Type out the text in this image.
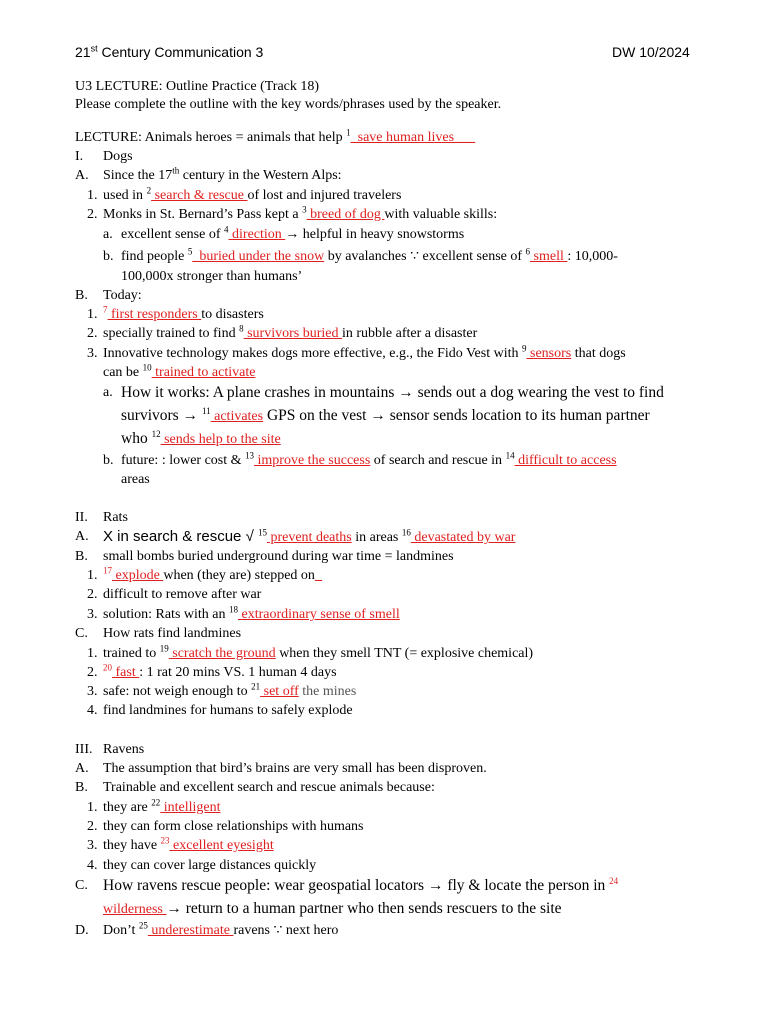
21st Century Communication 3	DW 10/2024
U3 LECTURE: Outline Practice (Track 18)
Please complete the outline with the key words/phrases used by the speaker.
LECTURE: Animals heroes = animals that help $^1$_save human lives___
I. Dogs
A. Since the 17th century in the Western Alps:
1. used in $^2$ search & rescue of lost and injured travelers
2. Monks in St. Bernard’s Pass kept a $^3$ breed of dog with valuable skills:
a. excellent sense of $^4$ direction → helpful in heavy snowstorms
b. find people $^5$_buried under the snow by avalanches ∵ excellent sense of $^6$ smell : 10,000-
100,000x stronger than humans’
B. Today:
1. $^7$ first responders to disasters
2. specially trained to find $^8$ survivors buried in rubble after a disaster
3. Innovative technology makes dogs more effective, e.g., the Fido Vest with $^9$ sensors that dogs
can be $^{10}$ trained to activate
a. How it works: A plane crashes in mountains → sends out a dog wearing the vest to find
survivors → $^{11}$ activates GPS on the vest → sensor sends location to its human partner
who $^{12}$ sends help to the site
b. future: : lower cost & $^{13}$ improve the success of search and rescue in $^{14}$ difficult to access
areas
II. Rats
A. X in search & rescue √ $^{15}$ prevent deaths in areas $^{16}$ devastated by war
B. small bombs buried underground during war time = landmines
1. $^{17}$ explode when (they are) stepped on_
2. difficult to remove after war
3. solution: Rats with an $^{18}$ extraordinary sense of smell
C. How rats find landmines
1. trained to $^{19}$ scratch the ground when they smell TNT (= explosive chemical)
2. $^{20}$ fast : 1 rat 20 mins VS. 1 human 4 days
3. safe: not weigh enough to $^{21}$ set off the mines
4. find landmines for humans to safely explode
III. Ravens
A. The assumption that bird’s brains are very small has been disproven.
B. Trainable and excellent search and rescue animals because:
1. they are $^{22}$ intelligent
2. they can form close relationships with humans
3. they have $^{23}$ excellent eyesight
4. they can cover large distances quickly
C. How ravens rescue people: wear geospatial locators → fly & locate the person in $^{24}$
wilderness → return to a human partner who then sends rescuers to the site
D. Don’t $^{25}$ underestimate ravens ∵ next hero
